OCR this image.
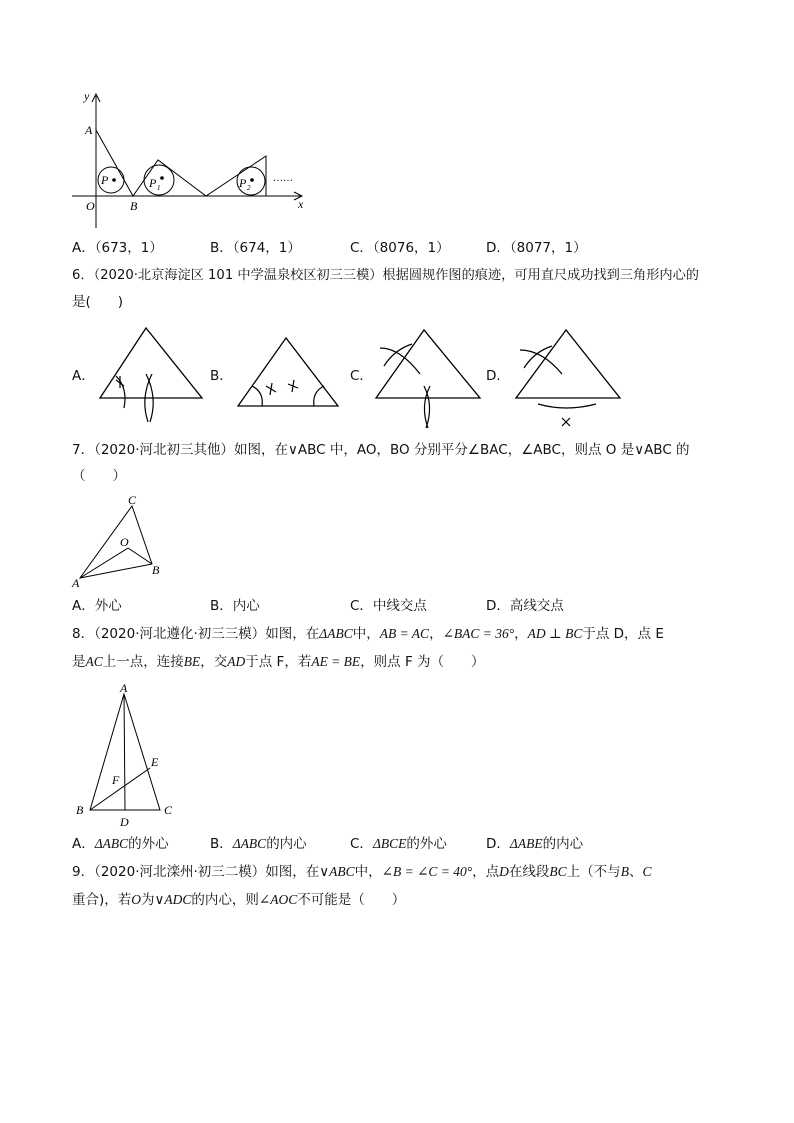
y
x
A
O	B
P	P 1	P 2
……
A．（673，1）	B．（674，1）	C．（8076，1）	D．（8077，1）
6．（2020·北京海淀区 101 中学温泉校区初三三模）根据圆规作图的痕迹，可用直尺成功找到三角形内心的
是(　　)
A．	B．	C．	D．
7．（2020·河北初三其他）如图，在∨ABC 中，AO，BO 分别平分∠BAC，∠ABC，则点 O 是∨ABC 的
（　　）
C
O
A
B
A．外心	B．内心	C．中线交点	D．高线交点
8．（2020·河北遵化·初三三模）如图，在ΔABC中，AB = AC，∠BAC = 36°，AD ⊥ BC于点 D，点 E
是AC上一点，连接BE，交AD于点 F，若AE = BE，则点 F 为（　　）
A
E
F
B
D
C
A．ΔABC的外心	B．ΔABC的内心	C．ΔBCE的外心	D．ΔABE的内心
9．（2020·河北滦州·初三二模）如图，在∨ABC中，∠B = ∠C = 40°，点D在线段BC上（不与B、C
重合)，若O为∨ADC的内心，则∠AOC不可能是（　　）
